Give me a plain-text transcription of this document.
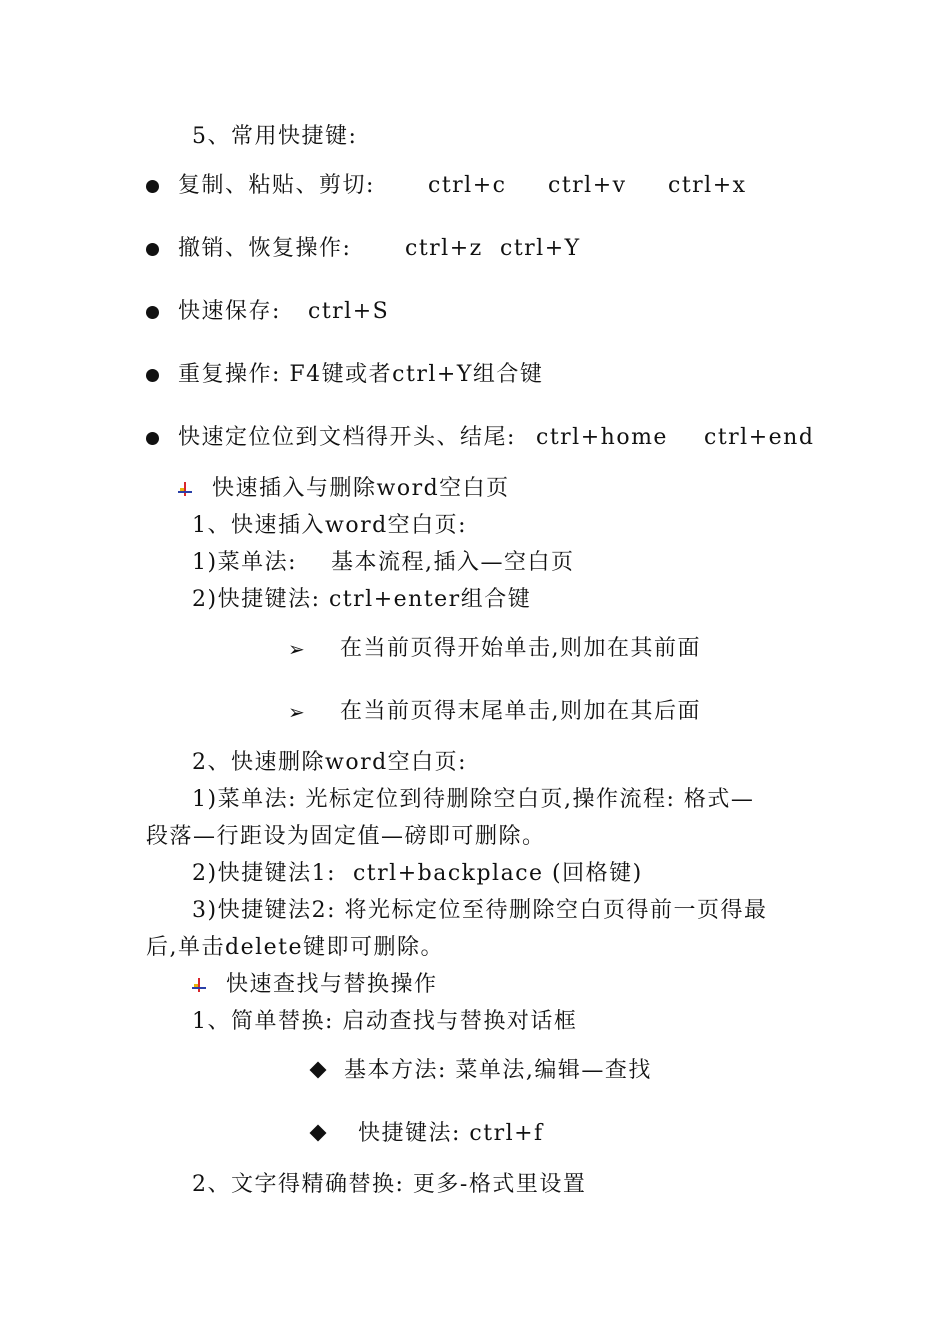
5、常用快捷键:

复制、粘贴、剪切: ctrl+c ctrl+v ctrl+x

撤销、恢复操作: ctrl+z ctrl+Y

快速保存: ctrl+S

重复操作: F4键或者ctrl+Y组合键

快速定位位到文档得开头、结尾: ctrl+home ctrl+end

快速插入与删除word空白页

1、快速插入word空白页:

1)菜单法:    基本流程,插入—空白页

2)快捷键法: ctrl+enter组合键

➢ 在当前页得开始单击,则加在其前面

➢ 在当前页得末尾单击,则加在其后面

2、快速删除word空白页:

1)菜单法: 光标定位到待删除空白页,操作流程: 格式—

段落—行距设为固定值—磅即可删除。

2)快捷键法1:  ctrl+backplace (回格键)

3)快捷键法2: 将光标定位至待删除空白页得前一页得最

后,单击delete键即可删除。

快速查找与替换操作

1、简单替换: 启动查找与替换对话框

基本方法: 菜单法,编辑—查找

快捷键法: ctrl+f

2、文字得精确替换: 更多-格式里设置
